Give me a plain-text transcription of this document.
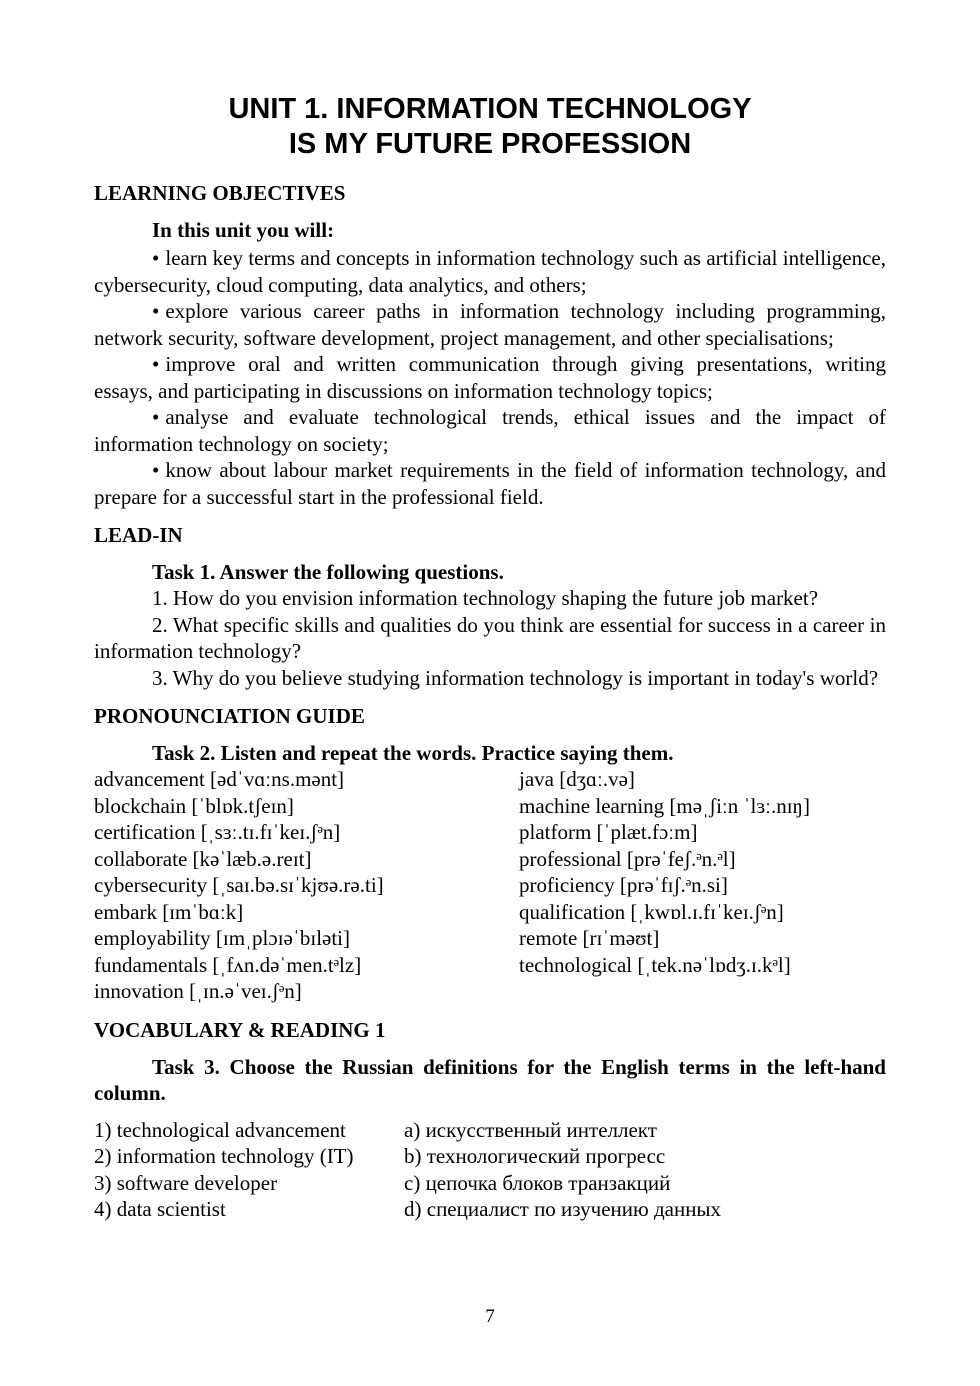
UNIT 1. INFORMATION TECHNOLOGY
IS MY FUTURE PROFESSION
LEARNING OBJECTIVES
In this unit you will:
• learn key terms and concepts in information technology such as artificial intelligence, cybersecurity, cloud computing, data analytics, and others;
• explore various career paths in information technology including programming, network security, software development, project management, and other specialisations;
• improve oral and written communication through giving presentations, writing essays, and participating in discussions on information technology topics;
• analyse and evaluate technological trends, ethical issues and the impact of information technology on society;
• know about labour market requirements in the field of information technology, and prepare for a successful start in the professional field.
LEAD-IN
Task 1. Answer the following questions.
1. How do you envision information technology shaping the future job market?
2. What specific skills and qualities do you think are essential for success in a career in information technology?
3. Why do you believe studying information technology is important in today's world?
PRONOUNCIATION GUIDE
Task 2. Listen and repeat the words. Practice saying them.
advancement [ədˈvɑːns.mənt]
blockchain [ˈblɒk.tʃeɪn]
certification [ˌsɜː.tɪ.fɪˈkeɪ.ʃᵊn]
collaborate [kəˈlæb.ə.reɪt]
cybersecurity [ˌsaɪ.bə.sɪˈkjʊə.rə.ti]
embark [ɪmˈbɑːk]
employability [ɪmˌplɔɪəˈbɪləti]
fundamentals [ˌfʌn.dəˈmen.tᵊlz]
innovation [ˌɪn.əˈveɪ.ʃᵊn]
java [dʒɑː.və]
machine learning [məˌʃiːn ˈlɜː.nɪŋ]
platform [ˈplæt.fɔːm]
professional [prəˈfeʃ.ᵊn.ᵊl]
proficiency [prəˈfɪʃ.ᵊn.si]
qualification [ˌkwɒl.ɪ.fɪˈkeɪ.ʃᵊn]
remote [rɪˈməʊt]
technological [ˌtek.nəˈlɒdʒ.ɪ.kᵊl]
VOCABULARY & READING 1
Task 3. Choose the Russian definitions for the English terms in the left-hand column.
1) technological advancement
2) information technology (IT)
3) software developer
4) data scientist
a) искусственный интеллект
b) технологический прогресс
c) цепочка блоков транзакций
d) специалист по изучению данных
7
